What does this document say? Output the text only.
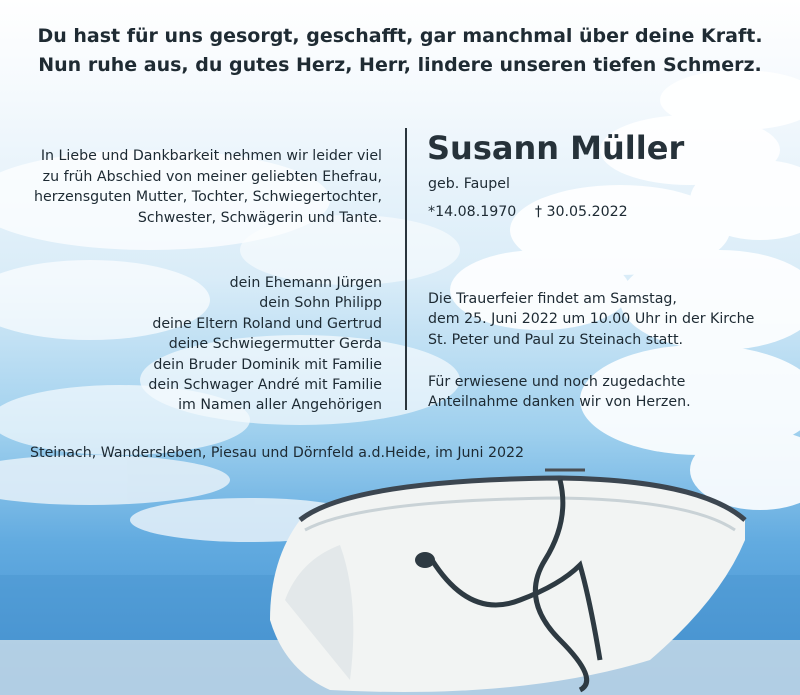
Du hast für uns gesorgt, geschafft, gar manchmal über deine Kraft.
Nun ruhe aus, du gutes Herz, Herr, lindere unseren tiefen Schmerz.
In Liebe und Dankbarkeit nehmen wir leider viel
zu früh Abschied von meiner geliebten Ehefrau,
herzensguten Mutter, Tochter, Schwiegertochter,
Schwester, Schwägerin und Tante.
Susann Müller
geb. Faupel
*14.08.1970 † 30.05.2022
dein Ehemann Jürgen
dein Sohn Philipp
deine Eltern Roland und Gertrud
deine Schwiegermutter Gerda
dein Bruder Dominik mit Familie
dein Schwager André mit Familie
im Namen aller Angehörigen
Die Trauerfeier findet am Samstag,
dem 25. Juni 2022 um 10.00 Uhr in der Kirche
St. Peter und Paul zu Steinach statt.
Für erwiesene und noch zugedachte
Anteilnahme danken wir von Herzen.
Steinach, Wandersleben, Piesau und Dörnfeld a.d.Heide, im Juni 2022
